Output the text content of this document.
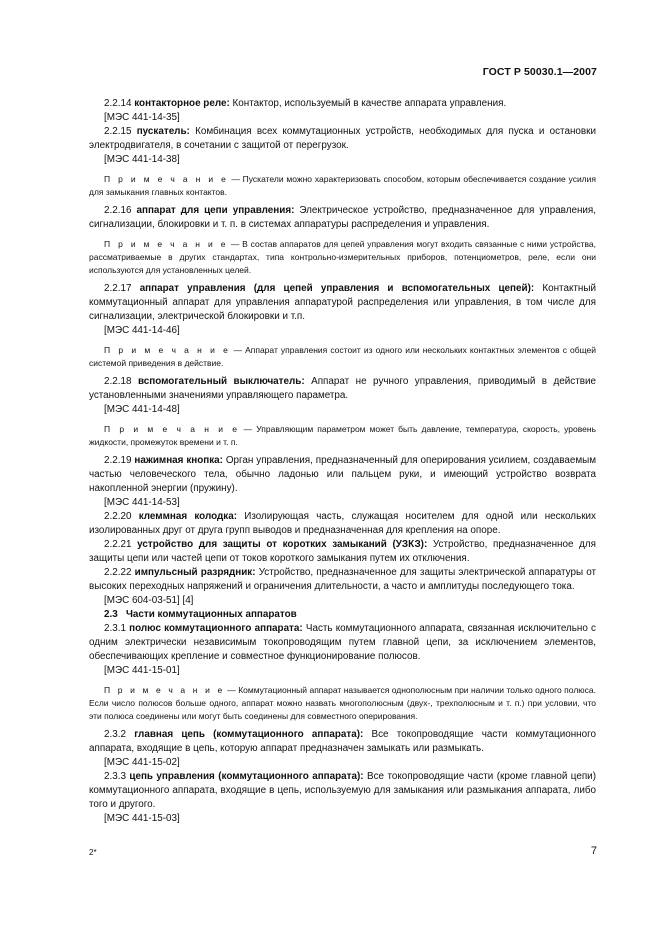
ГОСТ Р 50030.1—2007

2.2.14 контакторное реле: Контактор, используемый в качестве аппарата управления.

[МЭС 441-14-35]

2.2.15 пускатель: Комбинация всех коммутационных устройств, необходимых для пуска и остановки электродвигателя, в сочетании с защитой от перегрузок.

[МЭС 441-14-38]

П р и м е ч а н и е — Пускатели можно характеризовать способом, которым обеспечивается создание усилия для замыкания главных контактов.

2.2.16 аппарат для цепи управления: Электрическое устройство, предназначенное для управления, сигнализации, блокировки и т. п. в системах аппаратуры распределения и управления.

П р и м е ч а н и е — В состав аппаратов для цепей управления могут входить связанные с ними устройства, рассматриваемые в других стандартах, типа контрольно-измерительных приборов, потенциометров, реле, если они используются для установленных целей.

2.2.17 аппарат управления (для цепей управления и вспомогательных цепей): Контактный коммутационный аппарат для управления аппаратурой распределения или управления, в том числе для сигнализации, электрической блокировки и т.п.

[МЭС 441-14-46]

П р и м е ч а н и е — Аппарат управления состоит из одного или нескольких контактных элементов с общей системой приведения в действие.

2.2.18 вспомогательный выключатель: Аппарат не ручного управления, приводимый в действие установленными значениями управляющего параметра.

[МЭС 441-14-48]

П р и м е ч а н и е — Управляющим параметром может быть давление, температура, скорость, уровень жидкости, промежуток времени и т. п.

2.2.19 нажимная кнопка: Орган управления, предназначенный для оперирования усилием, создаваемым частью человеческого тела, обычно ладонью или пальцем руки, и имеющий устройство возврата накопленной энергии (пружину).

[МЭС 441-14-53]

2.2.20 клеммная колодка: Изолирующая часть, служащая носителем для одной или нескольких изолированных друг от друга групп выводов и предназначенная для крепления на опоре.

2.2.21 устройство для защиты от коротких замыканий (УЗКЗ): Устройство, предназначенное для защиты цепи или частей цепи от токов короткого замыкания путем их отключения.

2.2.22 импульсный разрядник: Устройство, предназначенное для защиты электрической аппаратуры от высоких переходных напряжений и ограничения длительности, а часто и амплитуды последующего тока.

[МЭС 604-03-51] [4]

2.3 Части коммутационных аппаратов

2.3.1 полюс коммутационного аппарата: Часть коммутационного аппарата, связанная исключительно с одним электрически независимым токопроводящим путем главной цепи, за исключением элементов, обеспечивающих крепление и совместное функционирование полюсов.

[МЭС 441-15-01]

П р и м е ч а н и е — Коммутационный аппарат называется однополюсным при наличии только одного полюса. Если число полюсов больше одного, аппарат можно назвать многополюсным (двух-, трехполюсным и т. п.) при условии, что эти полюса соединены или могут быть соединены для совместного оперирования.

2.3.2 главная цепь (коммутационного аппарата): Все токопроводящие части коммутационного аппарата, входящие в цепь, которую аппарат предназначен замыкать или размыкать.

[МЭС 441-15-02]

2.3.3 цепь управления (коммутационного аппарата): Все токопроводящие части (кроме главной цепи) коммутационного аппарата, входящие в цепь, используемую для замыкания или размыкания аппарата, либо того и другого.

[МЭС 441-15-03]
2*	7
